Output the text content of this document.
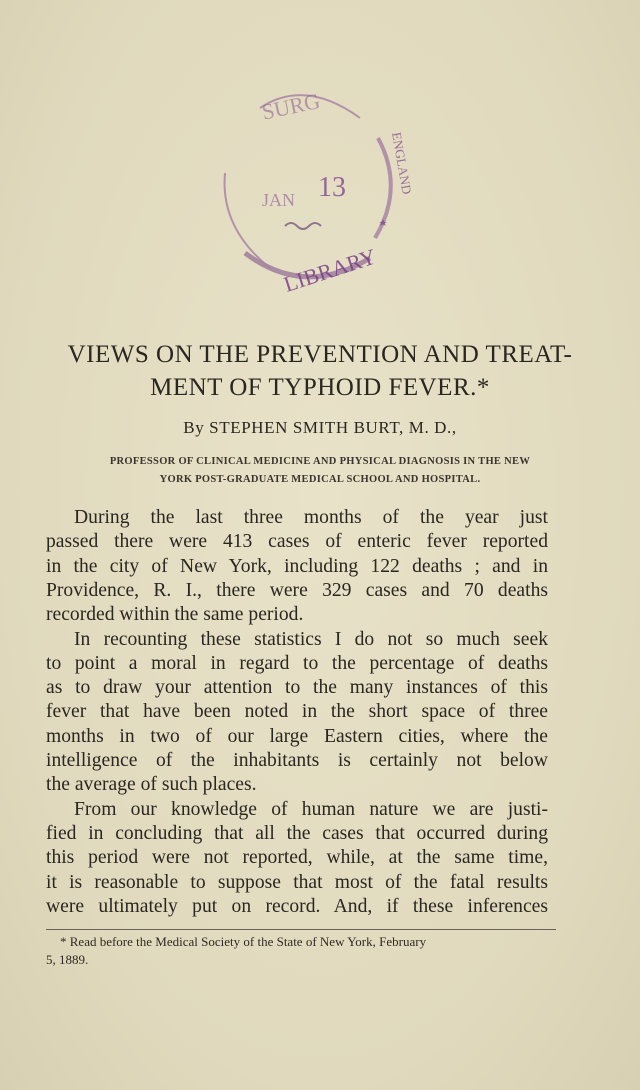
SURG
JAN 13
LIBRARY
ENGLAND
VIEWS ON THE PREVENTION AND TREAT-
MENT OF TYPHOID FEVER.*
By STEPHEN SMITH BURT, M. D.,
PROFESSOR OF CLINICAL MEDICINE AND PHYSICAL DIAGNOSIS IN THE NEW
YORK POST-GRADUATE MEDICAL SCHOOL AND HOSPITAL.
During the last three months of the year just
passed there were 413 cases of enteric fever reported
in the city of New York, including 122 deaths ; and in
Providence, R. I., there were 329 cases and 70 deaths
recorded within the same period.
In recounting these statistics I do not so much seek
to point a moral in regard to the percentage of deaths
as to draw your attention to the many instances of this
fever that have been noted in the short space of three
months in two of our large Eastern cities, where the
intelligence of the inhabitants is certainly not below
the average of such places.
From our knowledge of human nature we are justi-
fied in concluding that all the cases that occurred during
this period were not reported, while, at the same time,
it is reasonable to suppose that most of the fatal results
were ultimately put on record. And, if these inferences
* Read before the Medical Society of the State of New York, February
5, 1889.
